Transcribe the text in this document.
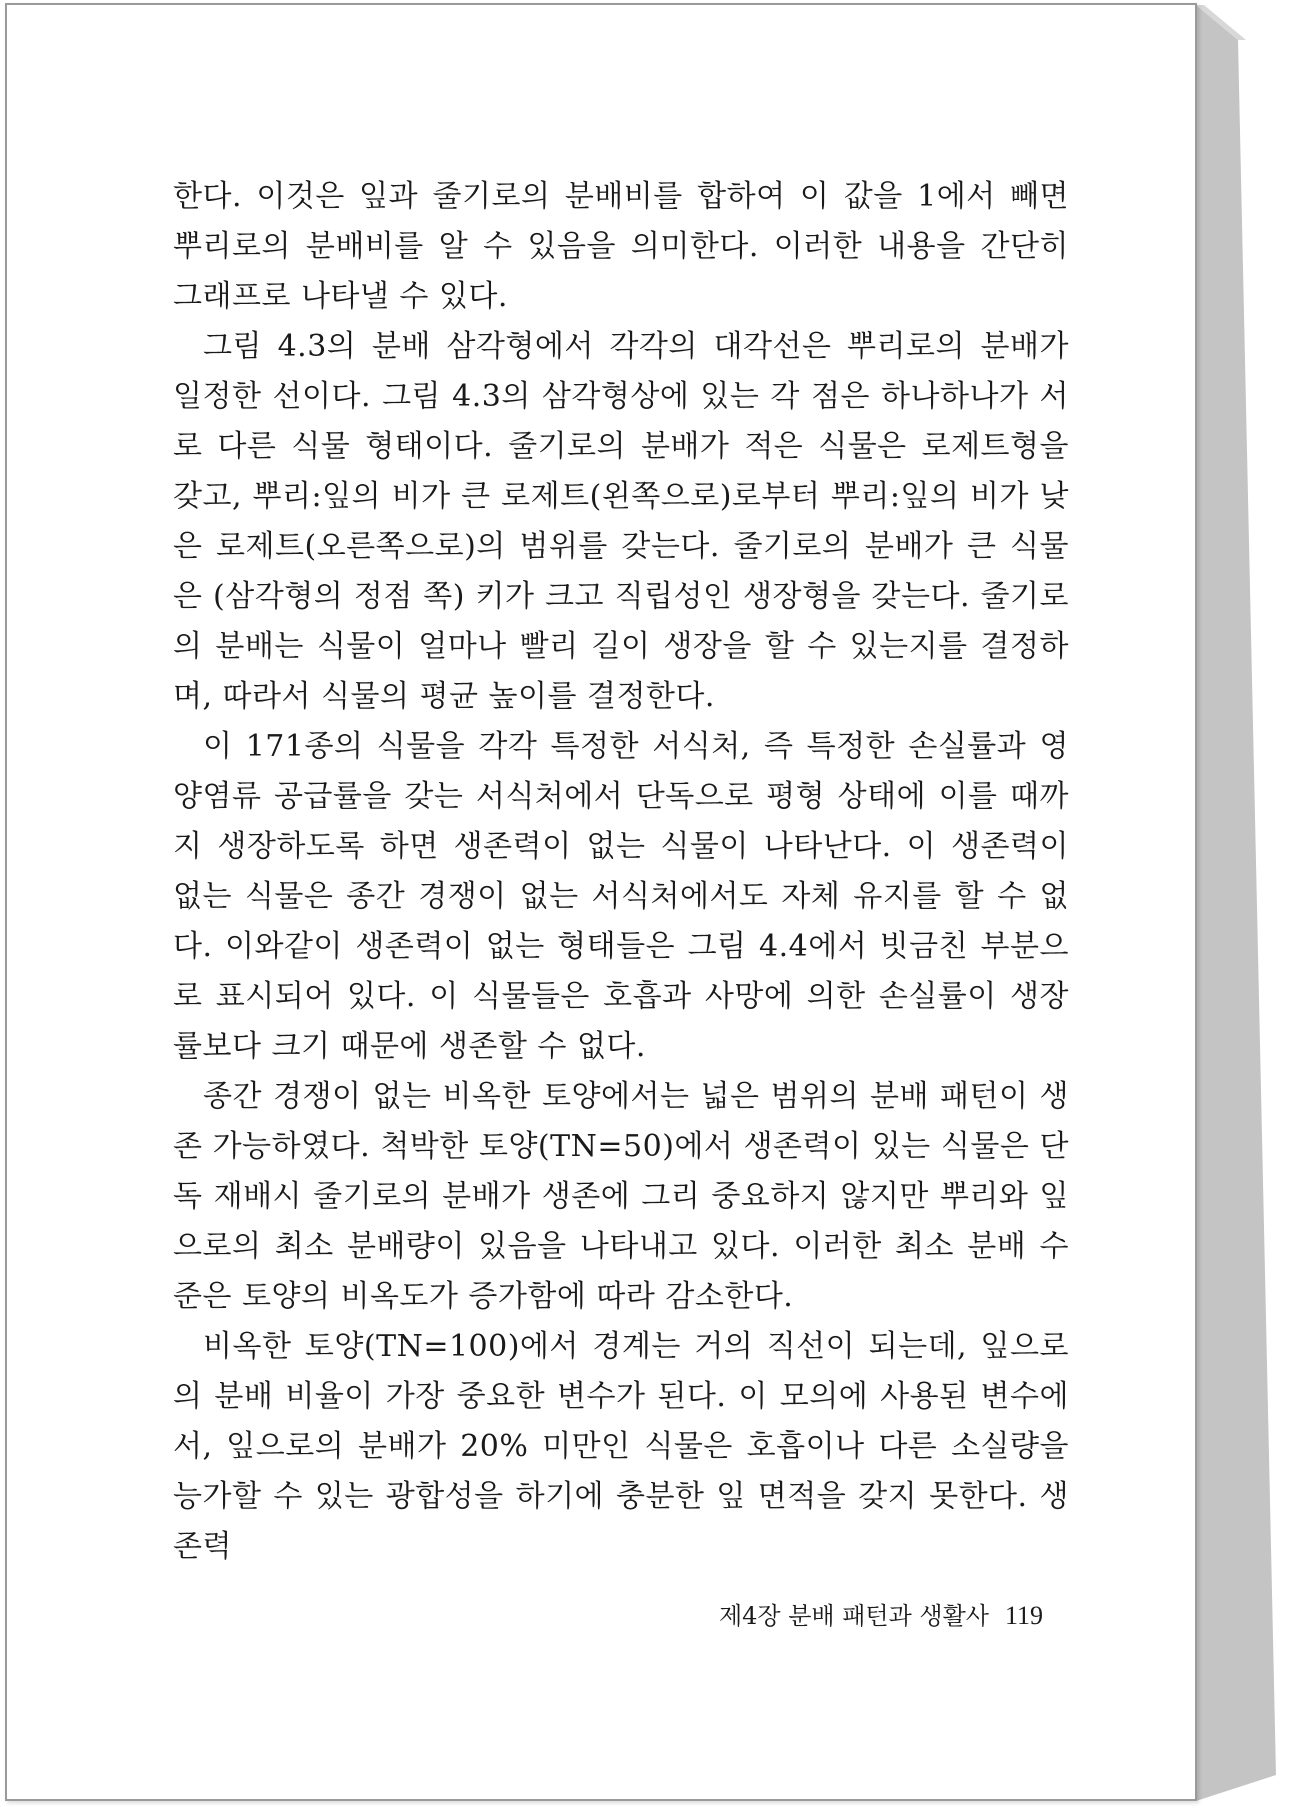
한다. 이것은 잎과 줄기로의 분배비를 합하여 이 값을 1에서 빼면 뿌리로의 분배비를 알 수 있음을 의미한다. 이러한 내용을 간단히 그래프로 나타낼 수 있다.

그림 4.3의 분배 삼각형에서 각각의 대각선은 뿌리로의 분배가 일정한 선이다. 그림 4.3의 삼각형상에 있는 각 점은 하나하나가 서로 다른 식물 형태이다. 줄기로의 분배가 적은 식물은 로제트형을 갖고, 뿌리:잎의 비가 큰 로제트(왼쪽으로)로부터 뿌리:잎의 비가 낮은 로제트(오른쪽으로)의 범위를 갖는다. 줄기로의 분배가 큰 식물은 (삼각형의 정점 쪽) 키가 크고 직립성인 생장형을 갖는다. 줄기로의 분배는 식물이 얼마나 빨리 길이 생장을 할 수 있는지를 결정하며, 따라서 식물의 평균 높이를 결정한다.

이 171종의 식물을 각각 특정한 서식처, 즉 특정한 손실률과 영양염류 공급률을 갖는 서식처에서 단독으로 평형 상태에 이를 때까지 생장하도록 하면 생존력이 없는 식물이 나타난다. 이 생존력이 없는 식물은 종간 경쟁이 없는 서식처에서도 자체 유지를 할 수 없다. 이와같이 생존력이 없는 형태들은 그림 4.4에서 빗금친 부분으로 표시되어 있다. 이 식물들은 호흡과 사망에 의한 손실률이 생장률보다 크기 때문에 생존할 수 없다.

종간 경쟁이 없는 비옥한 토양에서는 넓은 범위의 분배 패턴이 생존 가능하였다. 척박한 토양(TN=50)에서 생존력이 있는 식물은 단독 재배시 줄기로의 분배가 생존에 그리 중요하지 않지만 뿌리와 잎으로의 최소 분배량이 있음을 나타내고 있다. 이러한 최소 분배 수준은 토양의 비옥도가 증가함에 따라 감소한다.

비옥한 토양(TN=100)에서 경계는 거의 직선이 되는데, 잎으로의 분배 비율이 가장 중요한 변수가 된다. 이 모의에 사용된 변수에서, 잎으로의 분배가 20% 미만인 식물은 호흡이나 다른 소실량을 능가할 수 있는 광합성을 하기에 충분한 잎 면적을 갖지 못한다. 생존력

제4장 분배 패턴과 생활사 119
